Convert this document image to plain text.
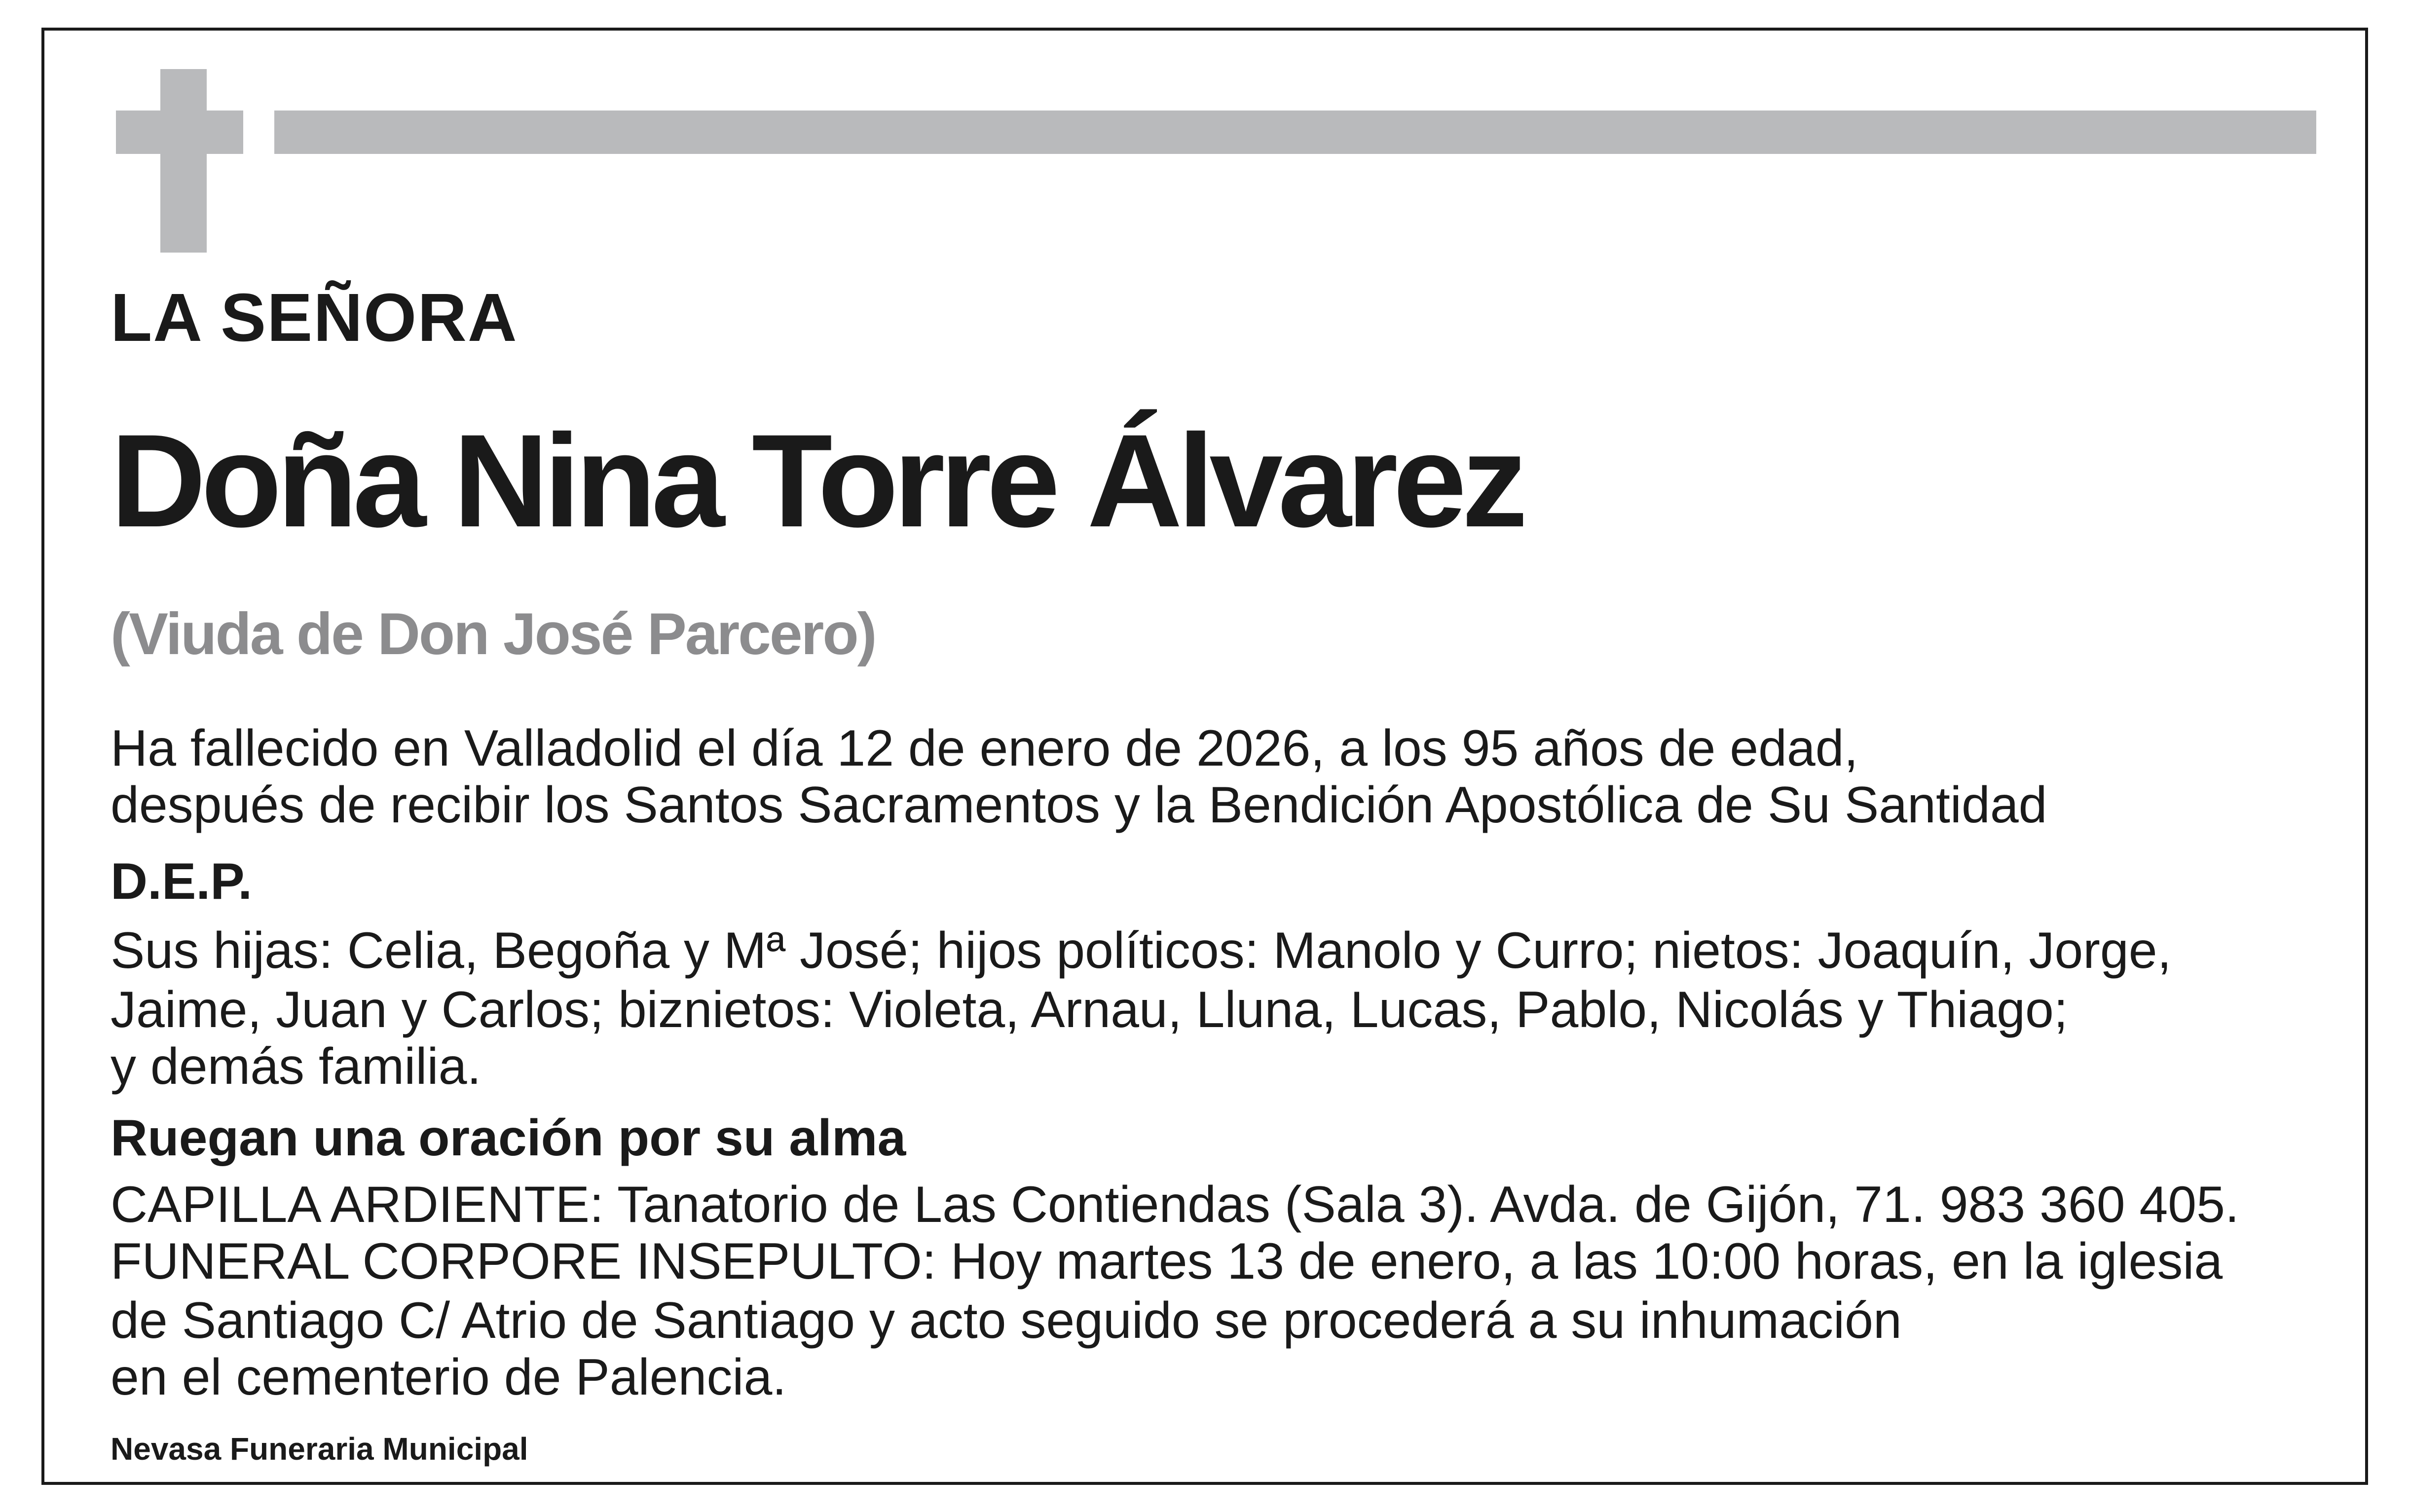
LA SEÑORA

Doña Nina Torre Álvarez

(Viuda de Don José Parcero)

Ha fallecido en Valladolid el día 12 de enero de 2026, a los 95 años de edad,

después de recibir los Santos Sacramentos y la Bendición Apostólica de Su Santidad

D.E.P.

Sus hijas: Celia, Begoña y Mª José; hijos políticos: Manolo y Curro; nietos: Joaquín, Jorge,

Jaime, Juan y Carlos; biznietos: Violeta, Arnau, Lluna, Lucas, Pablo, Nicolás y Thiago;

y demás familia.

Ruegan una oración por su alma

CAPILLA ARDIENTE: Tanatorio de Las Contiendas (Sala 3). Avda. de Gijón, 71. 983 360 405.

FUNERAL CORPORE INSEPULTO: Hoy martes 13 de enero, a las 10:00 horas, en la iglesia

de Santiago C/ Atrio de Santiago y acto seguido se procederá a su inhumación

en el cementerio de Palencia.

Nevasa Funeraria Municipal
